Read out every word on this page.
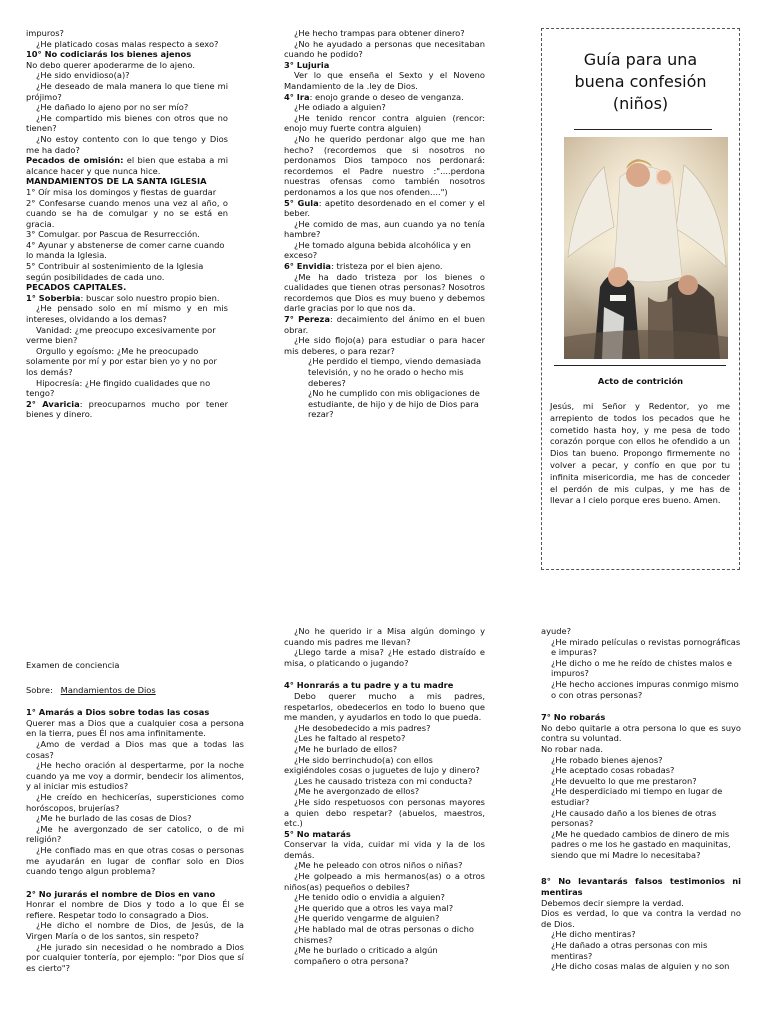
impuros?

¿He platicado cosas malas respecto a sexo?

10° No codiciarás los bienes ajenos

No debo querer apoderarme de lo ajeno.

¿He sido envidioso(a)?

¿He deseado de mala manera lo que tiene mi prójimo?

¿He dañado lo ajeno por no ser mío?

¿He compartido mis bienes con otros que no tienen?

¿No estoy contento con lo que tengo y Dios me ha dado?

Pecados de omisión: el bien que estaba a mi alcance hacer y que nunca hice.

MANDAMIENTOS DE LA SANTA IGLESIA

1° Oír misa los domingos y fiestas de guardar

2° Confesarse cuando menos una vez al año, o cuando se ha de comulgar y no se está en gracia.

3° Comulgar. por Pascua de Resurrección.

4° Ayunar y abstenerse de comer carne cuando lo manda la Iglesia.

5° Contribuir al sostenimiento de la Iglesia según posibilidades de cada uno.

PECADOS CAPITALES.

1° Soberbia: buscar solo nuestro propio bien.

¿He pensado solo en mí mismo y en mis intereses, olvidando a los demas?

Vanidad: ¿me preocupo excesivamente por verme bien?

Orgullo y egoísmo: ¿Me he preocupado solamente por mí y por estar bien yo y no por los demás?

Hipocresía: ¿He fingido cualidades que no tengo?

2° Avaricia: preocuparnos mucho por tener bienes y dinero.

¿He hecho trampas para obtener dinero?

¿No he ayudado a personas que necesitaban cuando he podido?

3° Lujuria

Ver lo que enseña el Sexto y el Noveno Mandamiento de la .ley de Dios.

4° Ira: enojo grande o deseo de venganza.

¿He odiado a alguien?

¿He tenido rencor contra alguien (rencor: enojo muy fuerte contra alguien)

¿No he querido perdonar algo que me han hecho? (recordemos que si nosotros no perdonamos Dios tampoco nos perdonará: recordemos el Padre nuestro :"....perdona nuestras ofensas como también nosotros perdonamos a los que nos ofenden....")

5° Gula: apetito desordenado en el comer y el beber.

¿He comido de mas, aun cuando ya no tenía hambre?

¿He tomado alguna bebida alcohólica y en exceso?

6° Envidia: tristeza por el bien ajeno.

¿Me ha dado tristeza por los bienes o cualidades que tienen otras personas? Nosotros recordemos que Dios es muy bueno y debemos darle gracias por lo que nos da.

7° Pereza: decaimiento del ánimo en el buen obrar.

¿He sido flojo(a) para estudiar o para hacer mis deberes, o para rezar?

¿He perdido el tiempo, viendo demasiada televisión, y no he orado o hecho mis deberes?

¿No he cumplido con mis obligaciones de estudiante, de hijo y de hijo de Dios para rezar?

Guía para una
buena confesión
(niños)
Acto de contrición
Jesús, mi Señor y Redentor, yo me arrepiento de todos los pecados que he cometido hasta hoy, y me pesa de todo corazón porque con ellos he ofendido a un Dios tan bueno. Propongo firmemente no volver a pecar, y confío en que por tu infinita misericordia, me has de conceder el perdón de mis culpas, y me has de llevar a l cielo porque eres bueno. Amen.

Examen de conciencia

Sobre: Mandamientos de Dios

1° Amarás a Dios sobre todas las cosas

Querer mas a Dios que a cualquier cosa a persona en la tierra, pues Él nos ama infinitamente.

¿Amo de verdad a Dios mas que a todas las cosas?

¿He hecho oración al despertarme, por la noche cuando ya me voy a dormir, bendecir los alimentos, y al iniciar mis estudios?

¿He creído en hechicerías, supersticiones como horóscopos, brujerías?

¿Me he burlado de las cosas de Dios?

¿Me he avergonzado de ser catolico, o de mi religión?

¿He confiado mas en que otras cosas o personas me ayudarán en lugar de confiar solo en Dios cuando tengo algun problema?

2° No jurarás el nombre de Dios en vano

Honrar el nombre de Dios y todo a lo que Él se refiere. Respetar todo lo consagrado a Dios.

¿He dicho el nombre de Dios, de Jesús, de la Virgen María o de los santos, sin respeto?

¿He jurado sin necesidad o he nombrado a Dios por cualquier tontería, por ejemplo: "por Dios que sí es cierto"?

¿No he querido ir a Misa algún domingo y cuando mis padres me llevan?

¿Llego tarde a misa? ¿He estado distraído e misa, o platicando o jugando?

4° Honrarás a tu padre y a tu madre

Debo querer mucho a mis padres, respetarlos, obedecerlos en todo lo bueno que me manden, y ayudarlos en todo lo que pueda.

¿He desobedecido a mis padres?

¿Les he faltado al respeto?

¿Me he burlado de ellos?

¿He sido berrinchudo(a) con ellos exigiéndoles cosas o juguetes de lujo y dinero?

¿Les he causado tristeza con mi conducta?

¿Me he avergonzado de ellos?

¿He sido respetuosos con personas mayores a quien debo respetar? (abuelos, maestros, etc.)

5° No matarás

Conservar la vida, cuidar mi vida y la de los demás.

¿Me he peleado con otros niños o niñas?

¿He golpeado a mis hermanos(as) o a otros niños(as) pequeños o debiles?

¿He tenido odio o envidia a alguien?

¿He querido que a otros les vaya mal?

¿He querido vengarme de alguien?

¿He hablado mal de otras personas o dicho chismes?

¿Me he burlado o criticado a algún compañero o otra persona?

ayude?

¿He mirado películas o revistas pornográficas e impuras?

¿He dicho o me he reído de chistes malos e impuros?

¿He hecho acciones impuras conmigo mismo o con otras personas?

7° No robarás

No debo quitarle a otra persona lo que es suyo contra su voluntad.

No robar nada.

¿He robado bienes ajenos?

¿He aceptado cosas robadas?

¿He devuelto lo que me prestaron?

¿He desperdiciado mi tiempo en lugar de estudiar?

¿He causado daño a los bienes de otras personas?

¿Me he quedado cambios de dinero de mis padres o me los he gastado en maquinitas, siendo que mi Madre lo necesitaba?

8° No levantarás falsos testimonios ni mentiras

Debemos decir siempre la verdad.

Dios es verdad, lo que va contra la verdad no de Dios.

¿He dicho mentiras?

¿He dañado a otras personas con mis mentiras?

¿He dicho cosas malas de alguien y no son
